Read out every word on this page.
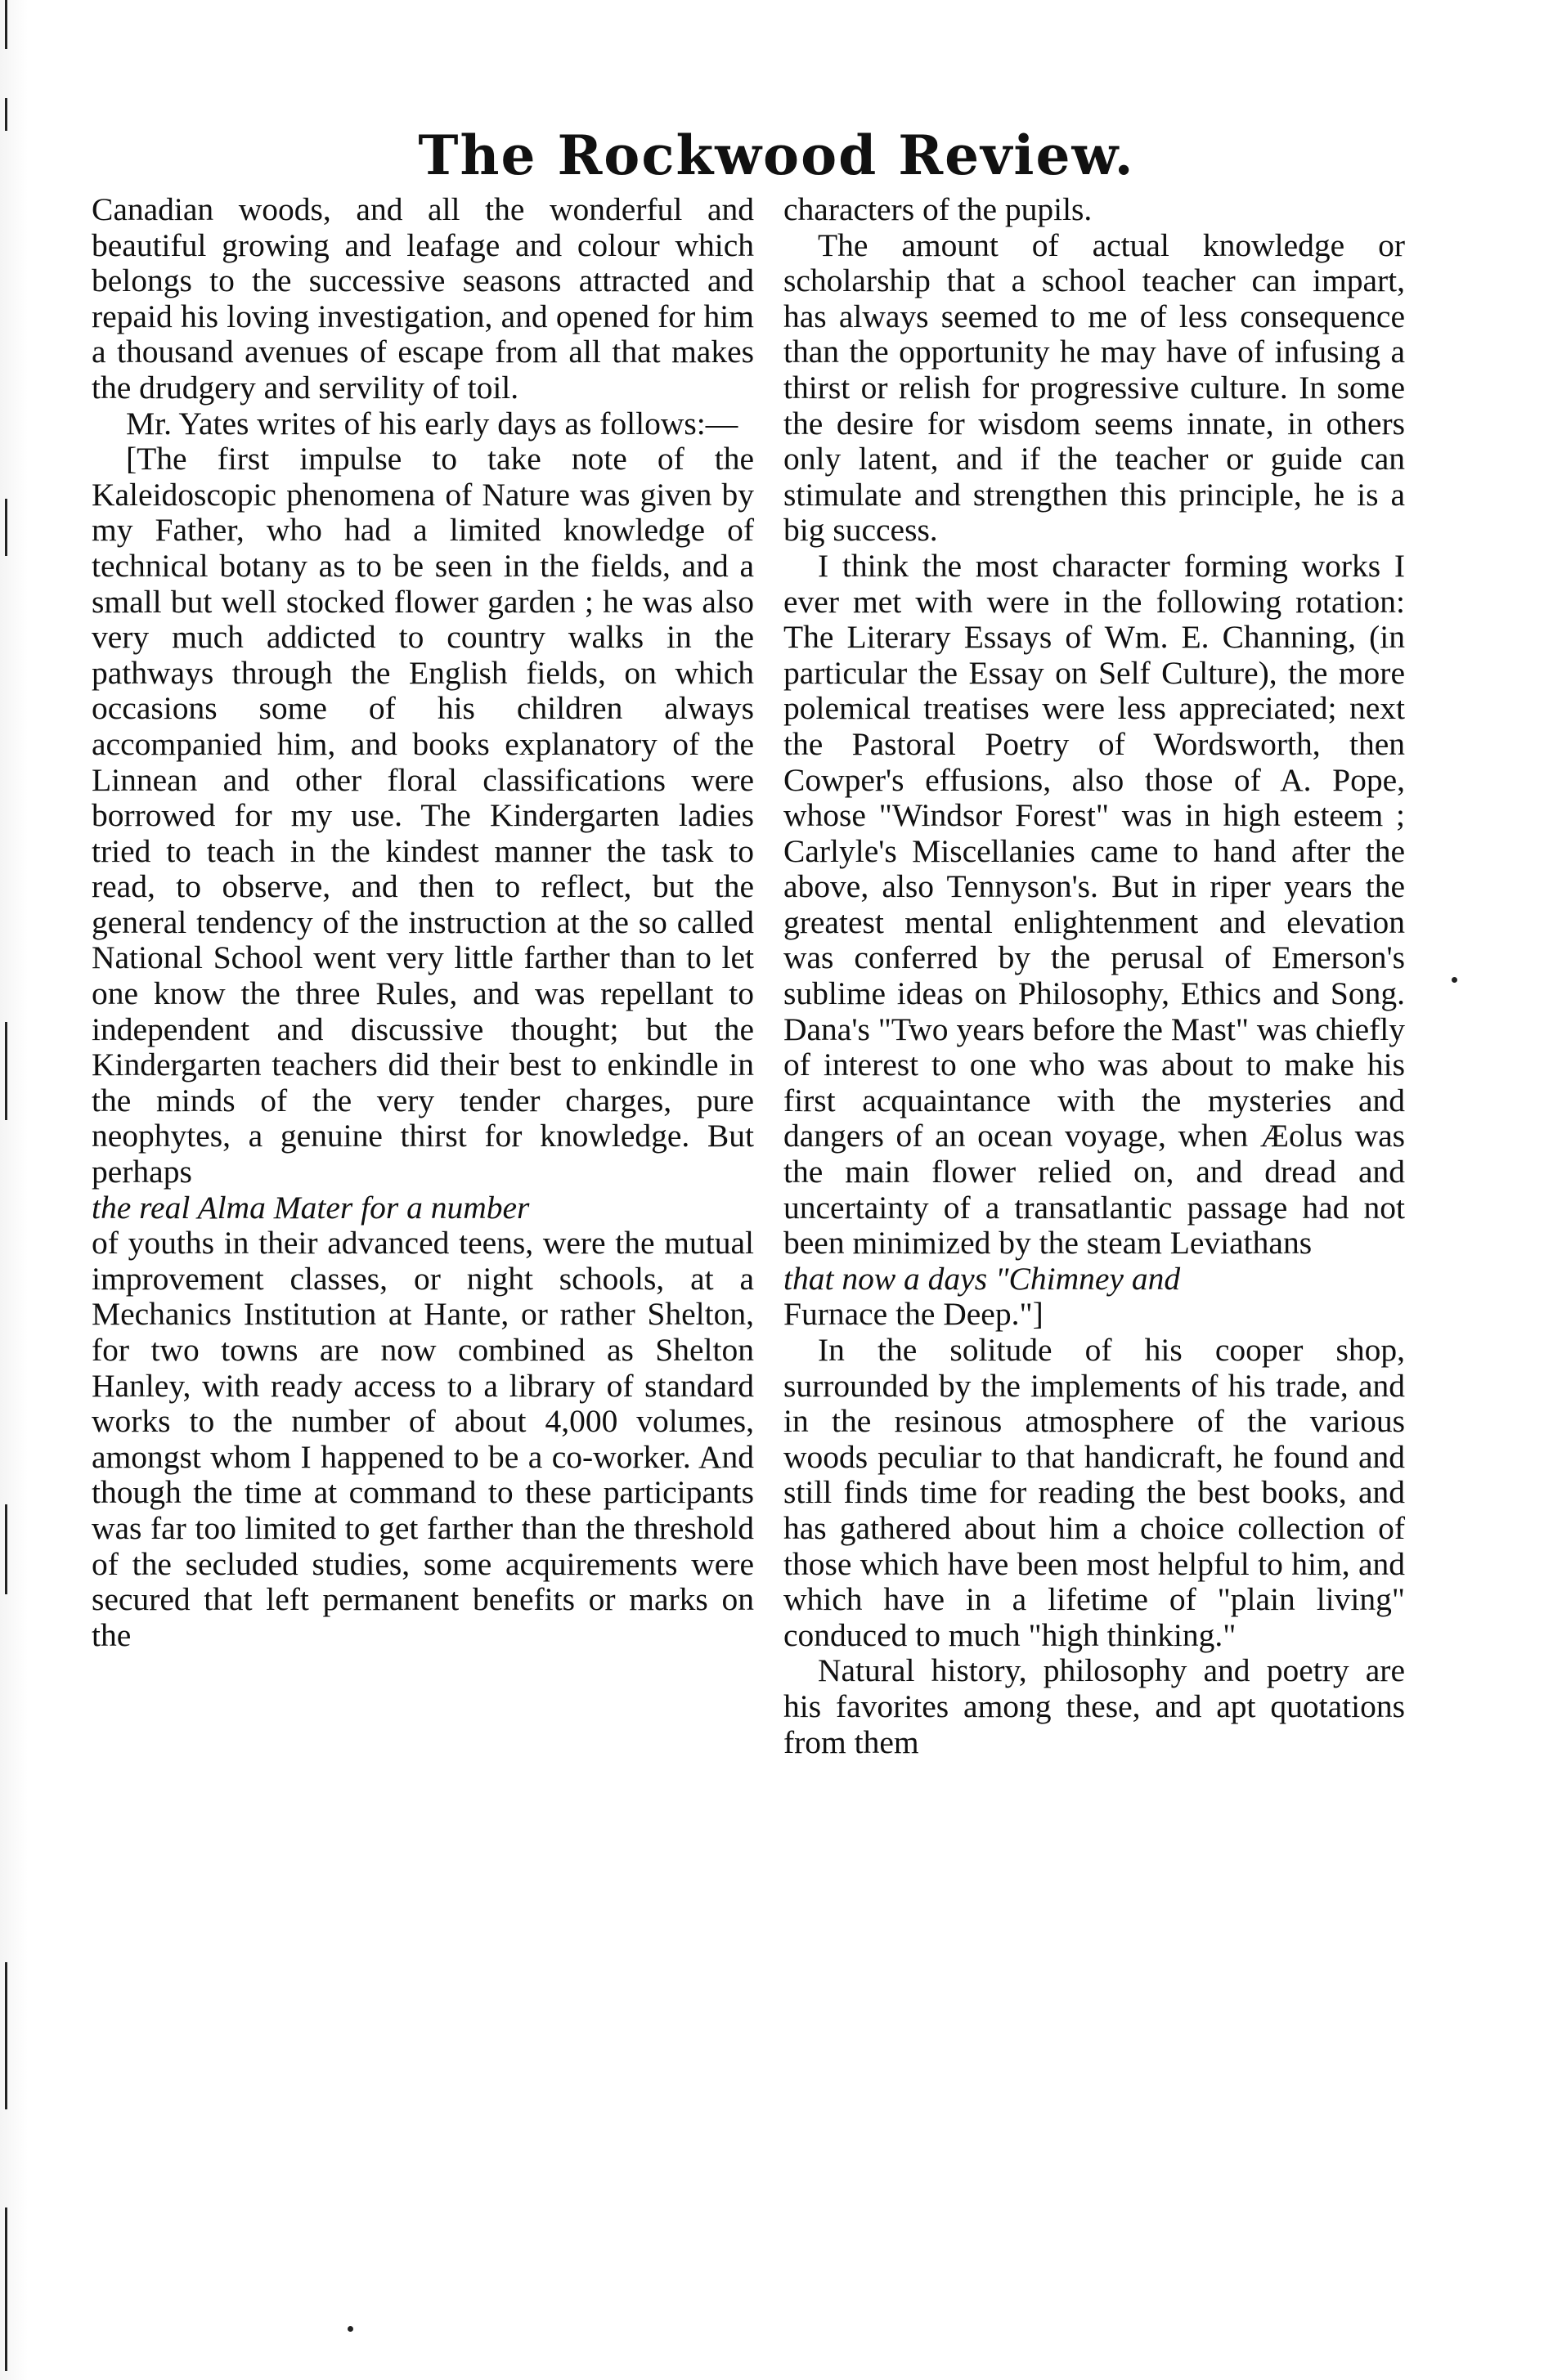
The Rockwood Review.

Canadian woods, and all the wonderful and beautiful growing and leafage and colour which belongs to the successive seasons attracted and repaid his loving investigation, and opened for him a thousand avenues of escape from all that makes the drudgery and servility of toil.

Mr. Yates writes of his early days as follows:—

[The first impulse to take note of the Kaleidoscopic phenomena of Nature was given by my Father, who had a limited knowledge of technical botany as to be seen in the fields, and a small but well stocked flower garden ; he was also very much addicted to country walks in the pathways through the English fields, on which occasions some of his children always accompanied him, and books explanatory of the Linnean and other floral classifications were borrowed for my use. The Kindergarten ladies tried to teach in the kindest manner the task to read, to observe, and then to reflect, but the general tendency of the instruction at the so called National School went very little farther than to let one know the three Rules, and was repellant to independent and discussive thought; but the Kindergarten teachers did their best to enkindle in the minds of the very tender charges, pure neophytes, a genuine thirst for knowledge. But perhaps

the real Alma Mater for a number

of youths in their advanced teens, were the mutual improvement classes, or night schools, at a Mechanics Institution at Hante, or rather Shelton, for two towns are now combined as Shelton Hanley, with ready access to a library of standard works to the number of about 4,000 volumes, amongst whom I happened to be a co-worker. And though the time at command to these participants was far too limited to get farther than the threshold of the secluded studies, some acquirements were secured that left permanent benefits or marks on the

characters of the pupils.

The amount of actual knowledge or scholarship that a school teacher can impart, has always seemed to me of less consequence than the opportunity he may have of infusing a thirst or relish for progressive culture. In some the desire for wisdom seems innate, in others only latent, and if the teacher or guide can stimulate and strengthen this principle, he is a big success.

I think the most character forming works I ever met with were in the following rotation: The Literary Essays of Wm. E. Channing, (in particular the Essay on Self Culture), the more polemical treatises were less appreciated; next the Pastoral Poetry of Wordsworth, then Cowper's effusions, also those of A. Pope, whose "Windsor Forest" was in high esteem ; Carlyle's Miscellanies came to hand after the above, also Tennyson's. But in riper years the greatest mental enlightenment and elevation was conferred by the perusal of Emerson's sublime ideas on Philosophy, Ethics and Song. Dana's "Two years before the Mast" was chiefly of interest to one who was about to make his first acquaintance with the mysteries and dangers of an ocean voyage, when Æolus was the main flower relied on, and dread and uncertainty of a transatlantic passage had not been minimized by the steam Leviathans

that now a days "Chimney and

Furnace the Deep."]

In the solitude of his cooper shop, surrounded by the implements of his trade, and in the resinous atmosphere of the various woods peculiar to that handicraft, he found and still finds time for reading the best books, and has gathered about him a choice collection of those which have been most helpful to him, and which have in a lifetime of "plain living" conduced to much "high thinking."

Natural history, philosophy and poetry are his favorites among these, and apt quotations from them
